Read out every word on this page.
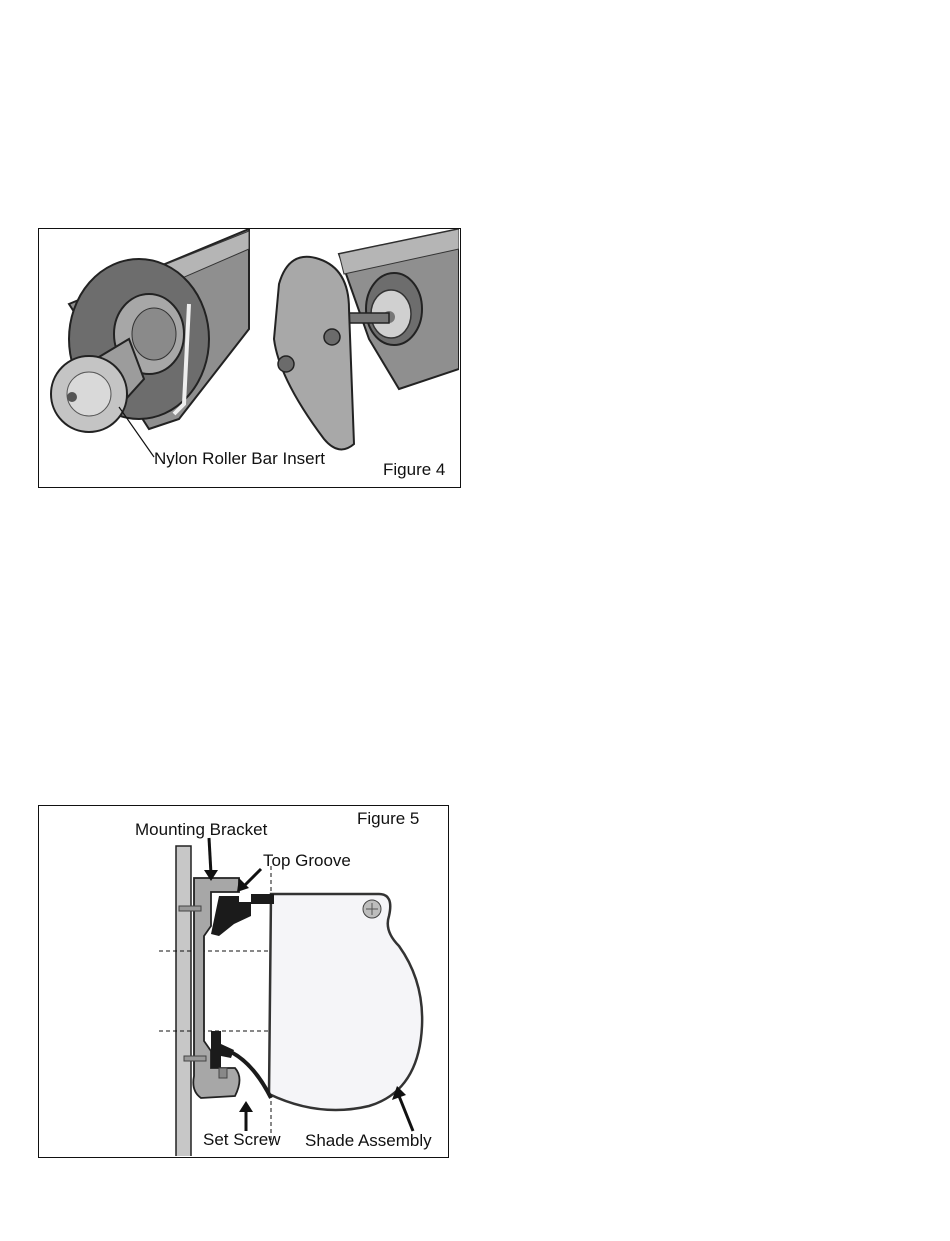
Nylon Roller Bar Insert
Figure 4
Mounting Bracket
Top Groove
Set Screw Shade Assembly
Figure 5
